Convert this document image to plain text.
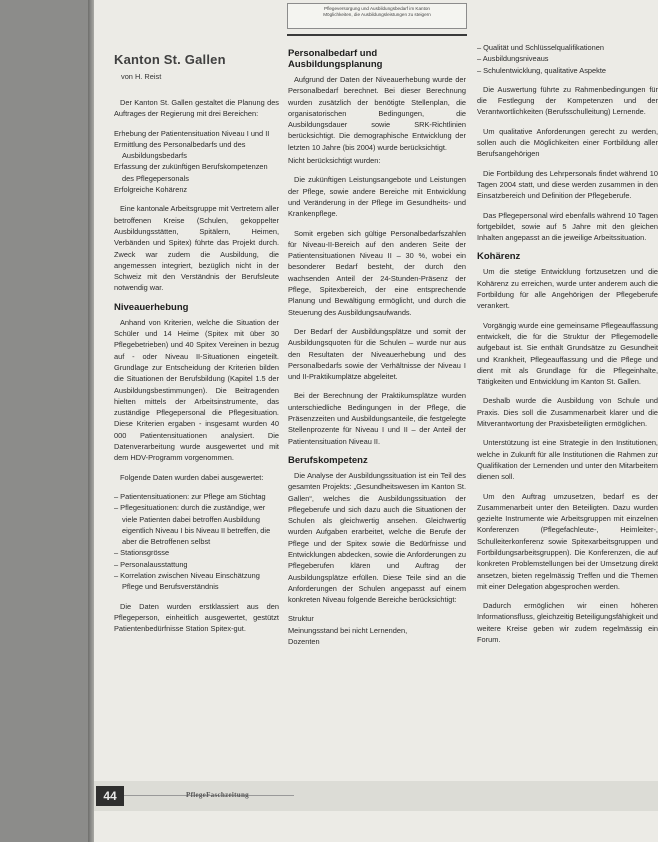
Pflegeversorgung und Ausbildungsbedarf im Kanton
Möglichkeiten, die Ausbildungsleistungen zu steigern
Kanton St. Gallen
von H. Reist

Der Kanton St. Gallen gestaltet die Planung des Auftrages der Regierung mit drei Bereichen:

Erhebung der Patientensituation Niveau I und II
Ermittlung des Personalbedarfs und des Ausbildungsbedarfs
Erfassung der zukünftigen Berufskompetenzen des Pflegepersonals
Erfolgreiche Kohärenz

Eine kantonale Arbeitsgruppe mit Vertretern aller betroffenen Kreise (Schulen, gekoppelter Ausbildungsstätten, Spitälern, Heimen, Verbänden und Spitex) führte das Projekt durch. Zweck war zudem die Ausbildung, die angemessen integriert, bezüglich nicht in der Schweiz mit den Verständnis der Berufsleute notwendig war.

Niveauerhebung

Anhand von Kriterien, welche die Situation der Schüler und 14 Heime (Spitex mit über 30 Pflegebetrieben) und 40 Spitex Vereinen in bezug auf - oder Niveau II-Situationen eingeteilt. Grundlage zur Entscheidung der Kriterien bilden die Situationen der Berufsbildung (Kapitel 1.5 der Ausbildungsbestimmungen). Die Beitragenden hielten mittels der Arbeitsinstrumente, das zuständige Pflegepersonal die Pflegesituation. Diese Kriterien ergaben - insgesamt wurden 40 000 Patientensituationen analysiert. Die Datenverarbeitung wurde ausgewertet und mit dem HDV-Programm vorgenommen.

Folgende Daten wurden dabei ausgewertet:

– Patientensituationen: zur Pflege am Stichtag
– Pflegesituationen: durch die zuständige, wer viele Patienten dabei betroffen Ausbildung eigentlich Niveau I bis Niveau II betreffen, die aber die Betroffenen selbst
– Stationsgrösse
– Personalausstattung
– Korrelation zwischen Niveau Einschätzung Pflege und Berufsverständnis

Die Daten wurden erstklassiert aus den Pflegeperson, einheitlich ausgewertet, gestützt Patientenbedürfnisse Station Spitex-gut.

Personalbedarf und Ausbildungsplanung

Aufgrund der Daten der Niveauerhebung wurde der Personalbedarf berechnet. Bei dieser Berechnung wurden zusätzlich der benötigte Stellenplan, die organisatorischen Bedingungen, die Ausbildungsdauer sowie SRK-Richtlinien berücksichtigt. Die demographische Entwicklung der letzten 10 Jahre (bis 2004) wurde berücksichtigt.

Nicht berücksichtigt wurden:

Die zukünftigen Leistungsangebote und Leistungen der Pflege, sowie andere Bereiche mit Entwicklung und Veränderung in der Pflege im Gesundheits- und Krankenpflege.

Somit ergeben sich gültige Personalbedarfszahlen für Niveau-II-Bereich auf den anderen Seite der Patientensituationen Niveau II – 30 %, wobei ein besonderer Bedarf besteht, der durch den wachsenden Anteil der 24-Stunden-Präsenz der Pflege, Spitexbereich, der eine entsprechende Planung und Bewältigung ermöglicht, und durch die Steuerung des Ausbildungsaufwands.

Der Bedarf der Ausbildungsplätze und somit der Ausbildungsquoten für die Schulen – wurde nur aus den Resultaten der Niveauerhebung und des Personalbedarfs sowie der Verhältnisse der Niveau I und II-Praktikumplätze abgeleitet.

Bei der Berechnung der Praktikumsplätze wurden unterschiedliche Bedingungen in der Pflege, die Präsenzzeiten und Ausbildungsanteile, die festgelegte Stellenprozente für Niveau I und II – der Anteil der Patientensituation Niveau II.

Berufskompetenz

Die Analyse der Ausbildungssituation ist ein Teil des gesamten Projekts: „Gesundheitswesen im Kanton St. Gallen“, welches die Ausbildungssituation der Pflegeberufe und sich dazu auch die Situationen der Schulen als gleichwertig ansehen. Gleichwertig wurden Aufgaben erarbeitet, welche die Berufe der Pflege und der Spitex sowie die Bedürfnisse und Entwicklungen abdecken, sowie die Anforderungen zu Pflegeberufen klären und Auftrag der Ausbildungsplätze erfüllen. Diese Teile sind an die Anforderungen der Schulen angepasst auf einem konkreten Niveau folgende Bereiche berücksichtigt:

Struktur
Meinungsstand bei nicht Lernenden,
Dozenten
– Qualität und Schlüsselqualifikationen
– Ausbildungsniveaus
– Schulentwicklung, qualitative Aspekte

Die Auswertung führte zu Rahmenbedingungen für die Festlegung der Kompetenzen und der Verantwortlichkeiten (Berufsschulleitung) Lernende.

Um qualitative Anforderungen gerecht zu werden, sollen auch die Möglichkeiten einer Fortbildung aller Berufsangehörigen

Die Fortbildung des Lehrpersonals findet während 10 Tagen 2004 statt, und diese werden zusammen in den Einsatzbereich und Definition der Pflegeberufe.

Das Pflegepersonal wird ebenfalls während 10 Tagen fortgebildet, sowie auf 5 Jahre mit den gleichen Inhalten angepasst an die jeweilige Arbeitssituation.

Kohärenz

Um die stetige Entwicklung fortzusetzen und die Kohärenz zu erreichen, wurde unter anderem auch die Fortbildung für alle Angehörigen der Pflegeberufe verankert.

Vorgängig wurde eine gemeinsame Pflegeauffassung entwickelt, die für die Struktur der Pflegemodelle aufgebaut ist. Sie enthält Grundsätze zu Gesundheit und Krankheit, Pflegeauffassung und die Pflege und dient mit als Grundlage für die Pflegeinhalte, Tätigkeiten und Entwicklung im Kanton St. Gallen.

Deshalb wurde die Ausbildung von Schule und Praxis. Dies soll die Zusammenarbeit klarer und die Mitverantwortung der Praxisbeteiligten ermöglichen.

Unterstützung ist eine Strategie in den Institutionen, welche in Zukunft für alle Institutionen die Rahmen zur Qualifikation der Lernenden und unter den Mitarbeitern dienen soll.

Um den Auftrag umzusetzen, bedarf es der Zusammenarbeit unter den Beteiligten. Dazu wurden gezielte Instrumente wie Arbeitsgruppen mit einzelnen Konferenzen (Pflegefachleute-, Heimleiter-, Schulleiterkonferenz sowie Spitexarbeitsgruppen und Fortbildungsarbeitsgruppen). Die Konferenzen, die auf konkreten Problemstellungen bei der Umsetzung direkt ansetzen, bieten regelmässig Treffen und die Themen mit einer Delegation abgesprochen werden.

Dadurch ermöglichen wir einen höheren Informationsfluss, gleichzeitig Beteiligungsfähigkeit und weitere Kreise geben wir zudem regelmässig ein Forum.

44	PflegeFaschzeitung
